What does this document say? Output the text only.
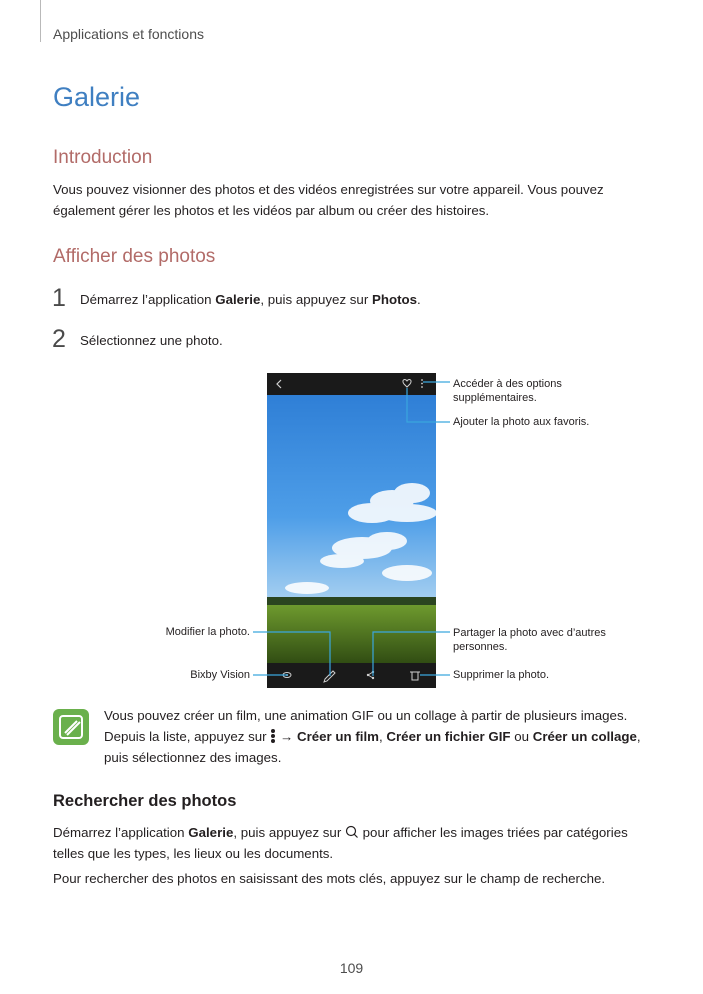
Applications et fonctions
Galerie
Introduction
Vous pouvez visionner des photos et des vidéos enregistrées sur votre appareil. Vous pouvez également gérer les photos et les vidéos par album ou créer des histoires.
Afficher des photos
1 Démarrez l’application Galerie, puis appuyez sur Photos.
2 Sélectionnez une photo.
Accéder à des options supplémentaires.
Ajouter la photo aux favoris.
Modifier la photo.	Partager la photo avec d’autres personnes.
Bixby Vision	Supprimer la photo.
Vous pouvez créer un film, une animation GIF ou un collage à partir de plusieurs images.
Depuis la liste, appuyez sur
→ Créer un film, Créer un fichier GIF ou Créer un collage,
puis sélectionnez des images.
Rechercher des photos
Démarrez l’application Galerie, puis appuyez sur  pour afficher les images triées par catégories
telles que les types, les lieux ou les documents.
Pour rechercher des photos en saisissant des mots clés, appuyez sur le champ de recherche.
109
